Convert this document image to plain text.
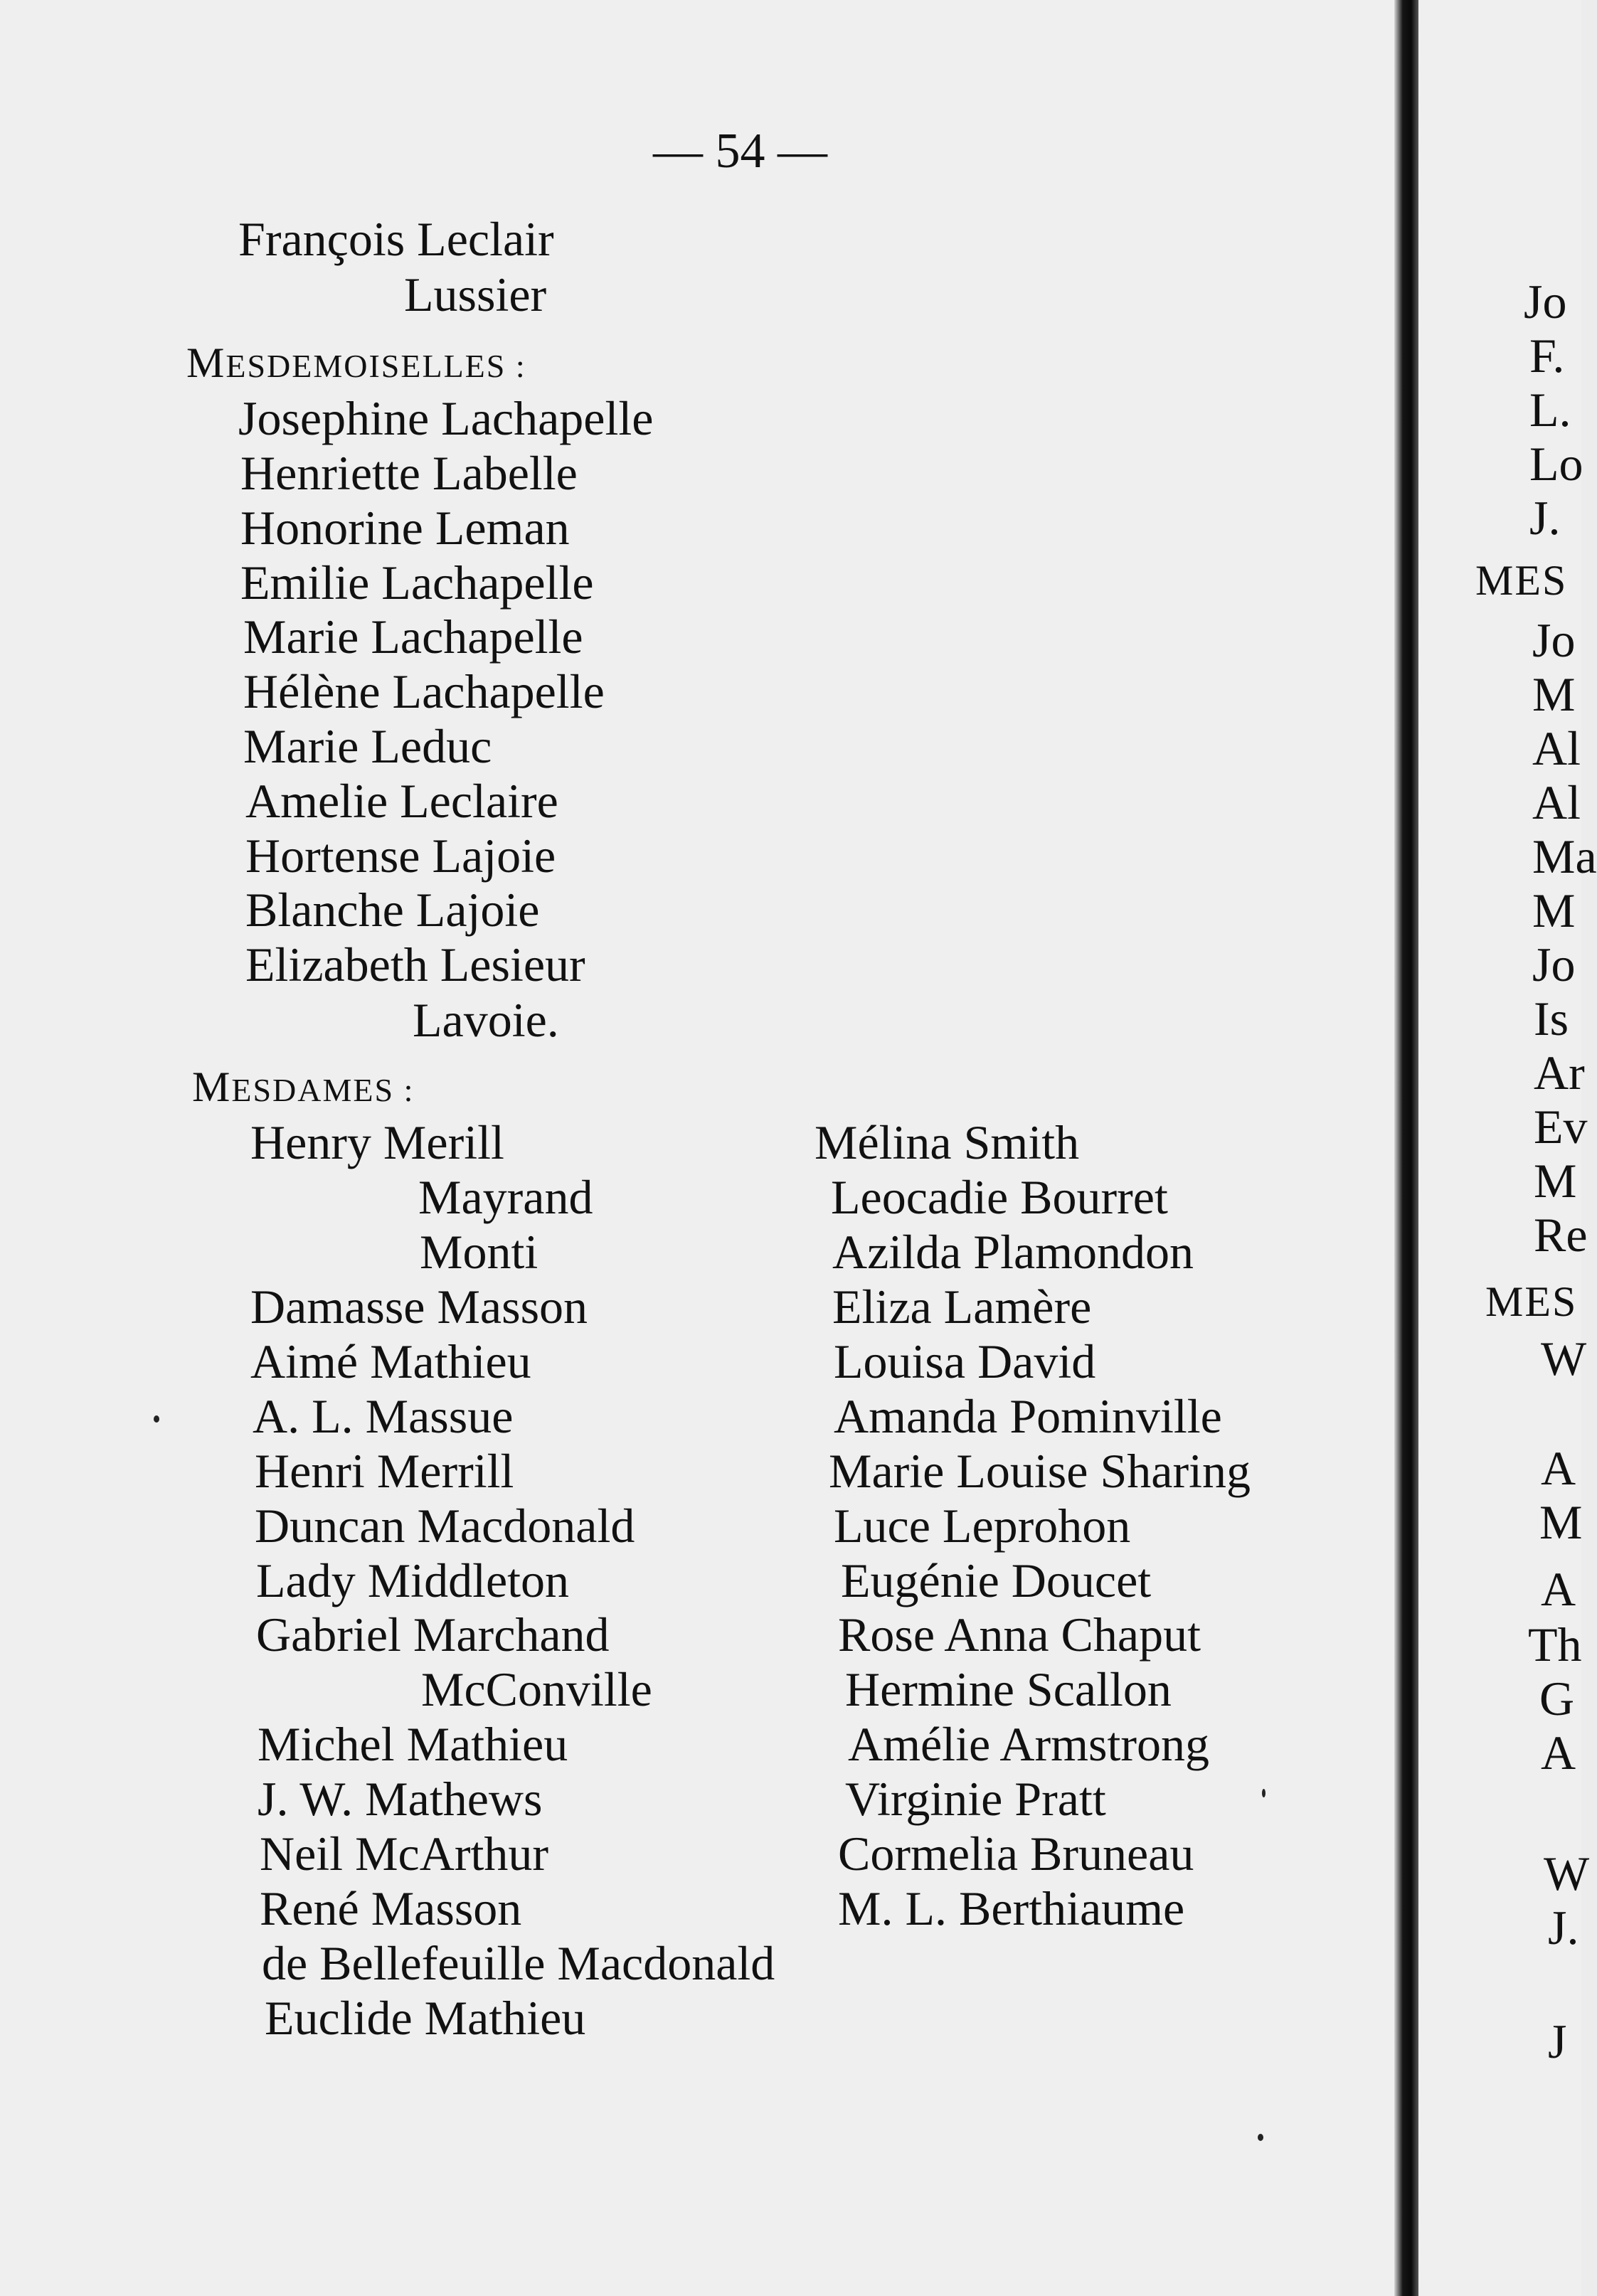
— 54 —
François Leclair
Lussier
MESDEMOISELLES :
Josephine Lachapelle
Henriette Labelle
Honorine Leman
Emilie Lachapelle
Marie Lachapelle
Hélène Lachapelle
Marie Leduc
Amelie Leclaire
Hortense Lajoie
Blanche Lajoie
Elizabeth Lesieur
Lavoie.
MESDAMES :
Henry Merill
Mayrand
Monti
Damasse Masson
Aimé Mathieu
A. L. Massue
Henri Merrill
Duncan Macdonald
Lady Middleton
Gabriel Marchand
McConville
Michel Mathieu
J. W. Mathews
Neil McArthur
René Masson
de Bellefeuille Macdonald
Euclide Mathieu
Mélina Smith
Leocadie Bourret
Azilda Plamondon
Eliza Lamère
Louisa David
Amanda Pominville
Marie Louise Sharing
Luce Leprohon
Eugénie Doucet
Rose Anna Chaput
Hermine Scallon
Amélie Armstrong
Virginie Pratt
Cormelia Bruneau
M. L. Berthiaume
Jo
F.
L.
Lo
J.
MES
Jo
M
Al
Al
Ma
M
Jo
Is
Ar
Ev
M
Re
MES
W
A
M
A
Th
G
A
W
J.
J
